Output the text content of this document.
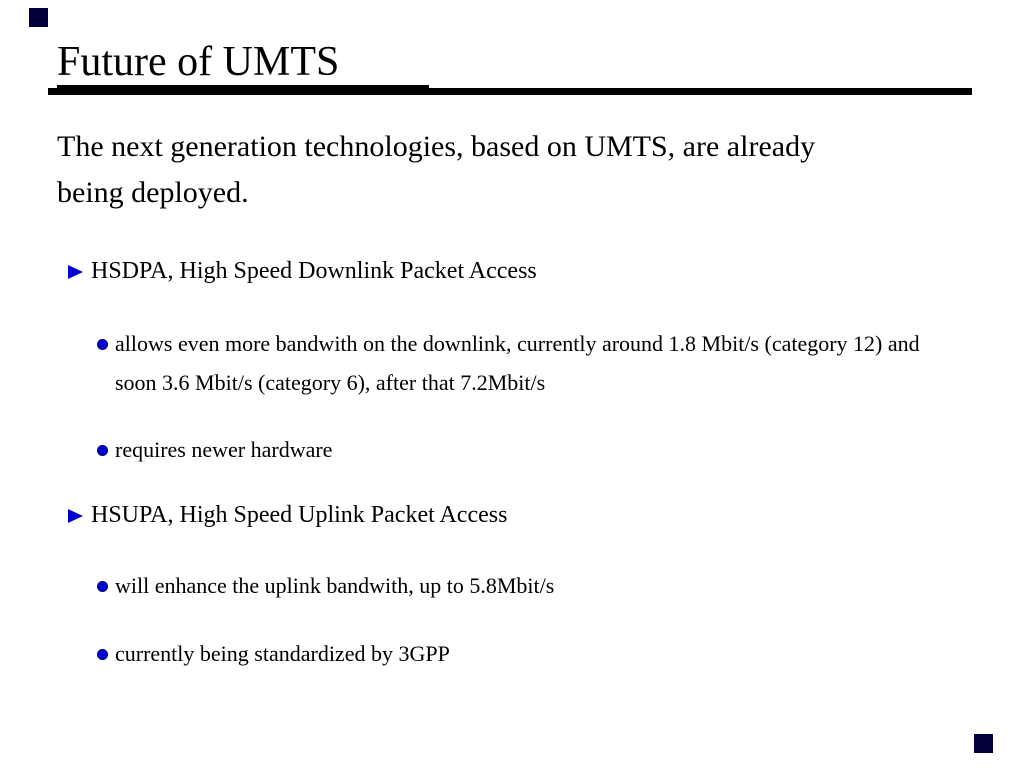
Future of UMTS
The next generation technologies, based on UMTS, are already
being deployed.
HSDPA, High Speed Downlink Packet Access
allows even more bandwith on the downlink, currently around 1.8 Mbit/s (category 12) and soon 3.6 Mbit/s (category 6), after that 7.2Mbit/s
requires newer hardware
HSUPA, High Speed Uplink Packet Access
will enhance the uplink bandwith, up to 5.8Mbit/s
currently being standardized by 3GPP
